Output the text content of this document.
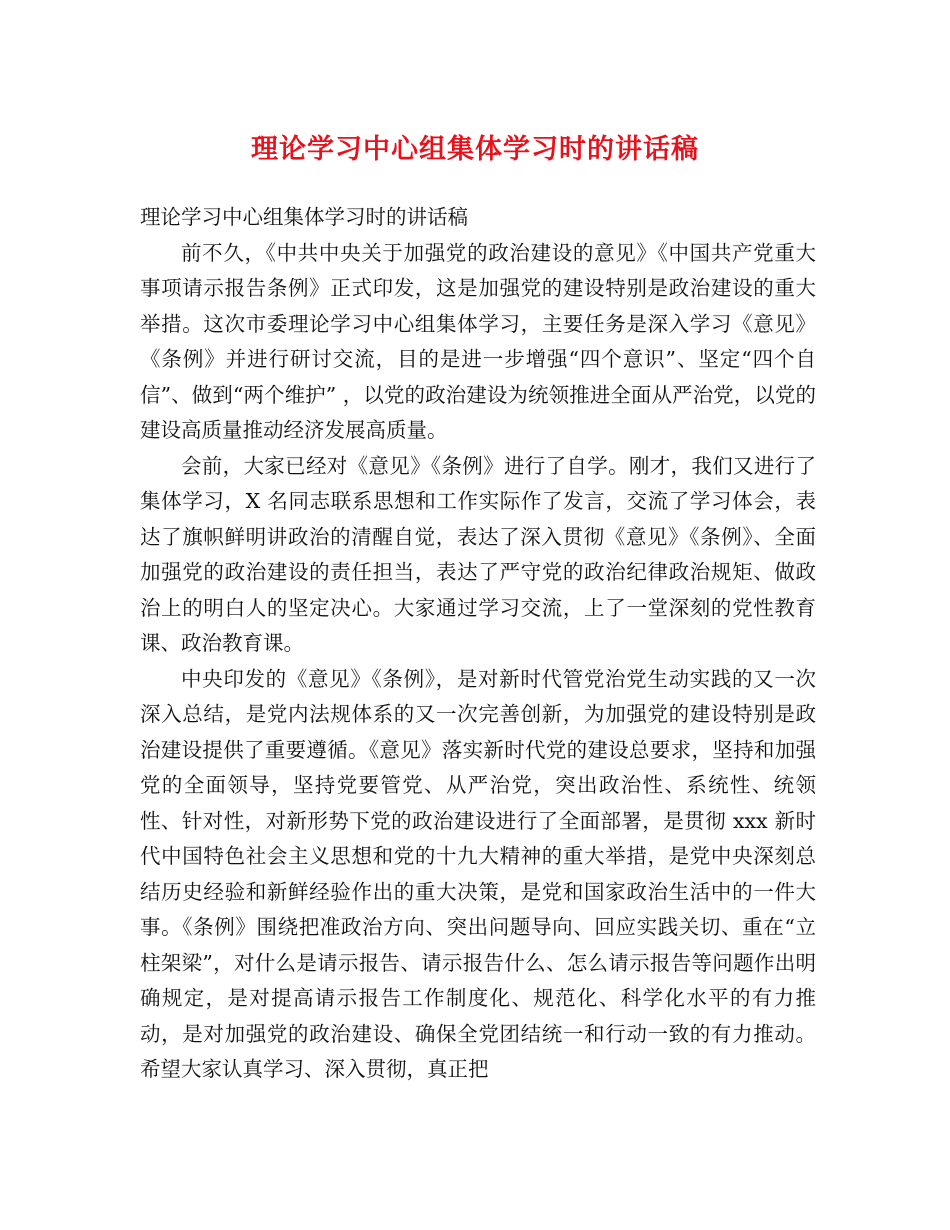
理论学习中心组集体学习时的讲话稿

理论学习中心组集体学习时的讲话稿

前不久，《中共中央关于加强党的政治建设的意见》《中国共产党重大事项请示报告条例》正式印发，这是加强党的建设特别是政治建设的重大举措。这次市委理论学习中心组集体学习，主要任务是深入学习《意见》《条例》并进行研讨交流，目的是进一步增强“四个意识”、坚定“四个自信”、做到“两个维护” ，以党的政治建设为统领推进全面从严治党，以党的建设高质量推动经济发展高质量。

会前，大家已经对《意见》《条例》进行了自学。刚才，我们又进行了集体学习，X 名同志联系思想和工作实际作了发言，交流了学习体会，表达了旗帜鲜明讲政治的清醒自觉，表达了深入贯彻《意见》《条例》、全面加强党的政治建设的责任担当，表达了严守党的政治纪律政治规矩、做政治上的明白人的坚定决心。大家通过学习交流，上了一堂深刻的党性教育课、政治教育课。

中央印发的《意见》《条例》，是对新时代管党治党生动实践的又一次深入总结，是党内法规体系的又一次完善创新，为加强党的建设特别是政治建设提供了重要遵循。《意见》落实新时代党的建设总要求，坚持和加强党的全面领导，坚持党要管党、从严治党，突出政治性、系统性、统领性、针对性，对新形势下党的政治建设进行了全面部署，是贯彻 xxx 新时代中国特色社会主义思想和党的十九大精神的重大举措，是党中央深刻总结历史经验和新鲜经验作出的重大决策，是党和国家政治生活中的一件大事。《条例》围绕把准政治方向、突出问题导向、回应实践关切、重在“立柱架梁”，对什么是请示报告、请示报告什么、怎么请示报告等问题作出明确规定，是对提高请示报告工作制度化、规范化、科学化水平的有力推动，是对加强党的政治建设、确保全党团结统一和行动一致的有力推动。希望大家认真学习、深入贯彻，真正把
